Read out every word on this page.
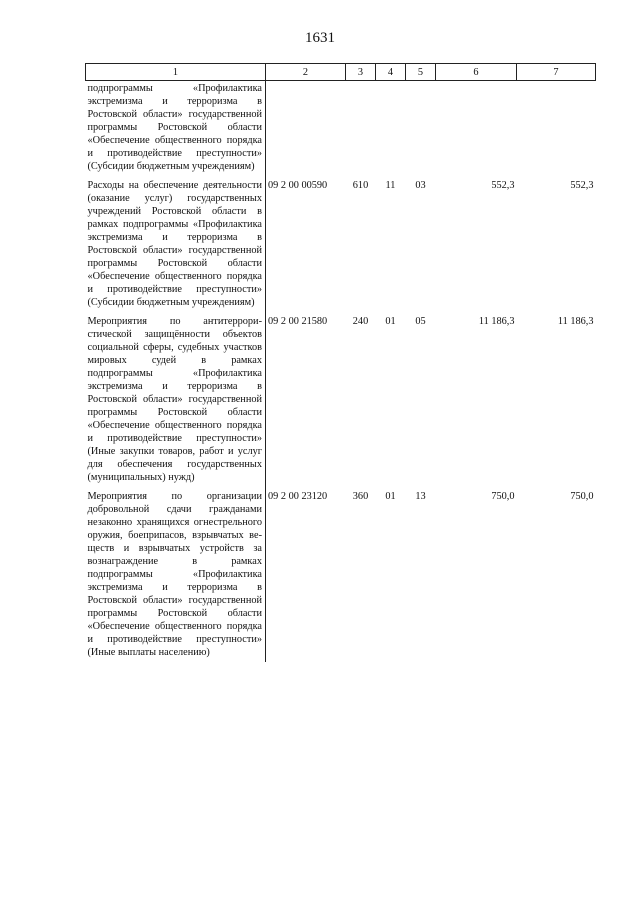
1631
1	2	3	4	5	6	7
подпрограммы «Профилактика экстремизма и терроризма в Ростовской области» государственной программы Ростовской области «Обеспечение общественного порядка и противодействие преступности» (Субсидии бюджетным учреждениям)						
Расходы на обеспечение деятельности (оказание услуг) государственных учреждений Ростовской области в рамках подпрограммы «Профилактика экстремизма и терроризма в Ростовской области» государственной программы Ростовской области «Обеспечение общественного порядка и противодействие преступности» (Субсидии бюджетным учреждениям)	09 2 00 00590	610	11	03	552,3	552,3
Мероприятия по антитеррористической защищённости объектов социальной сферы, судебных участков мировых судей в рамках подпрограммы «Профилактика экстремизма и терроризма в Ростовской области» государственной программы Ростовской области «Обеспечение общественного порядка и противодействие преступности» (Иные закупки товаров, работ и услуг для обеспечения государственных (муниципальных) нужд)	09 2 00 21580	240	01	05	11 186,3	11 186,3
Мероприятия по организации добровольной сдачи гражданами незаконно хранящихся огнестрельного оружия, боеприпасов, взрывчатых веществ и взрывчатых устройств за вознаграждение в рамках подпрограммы «Профилактика экстремизма и терроризма в Ростовской области» государственной программы Ростовской области «Обеспечение общественного порядка и противодействие преступности» (Иные выплаты населению)	09 2 00 23120	360	01	13	750,0	750,0
